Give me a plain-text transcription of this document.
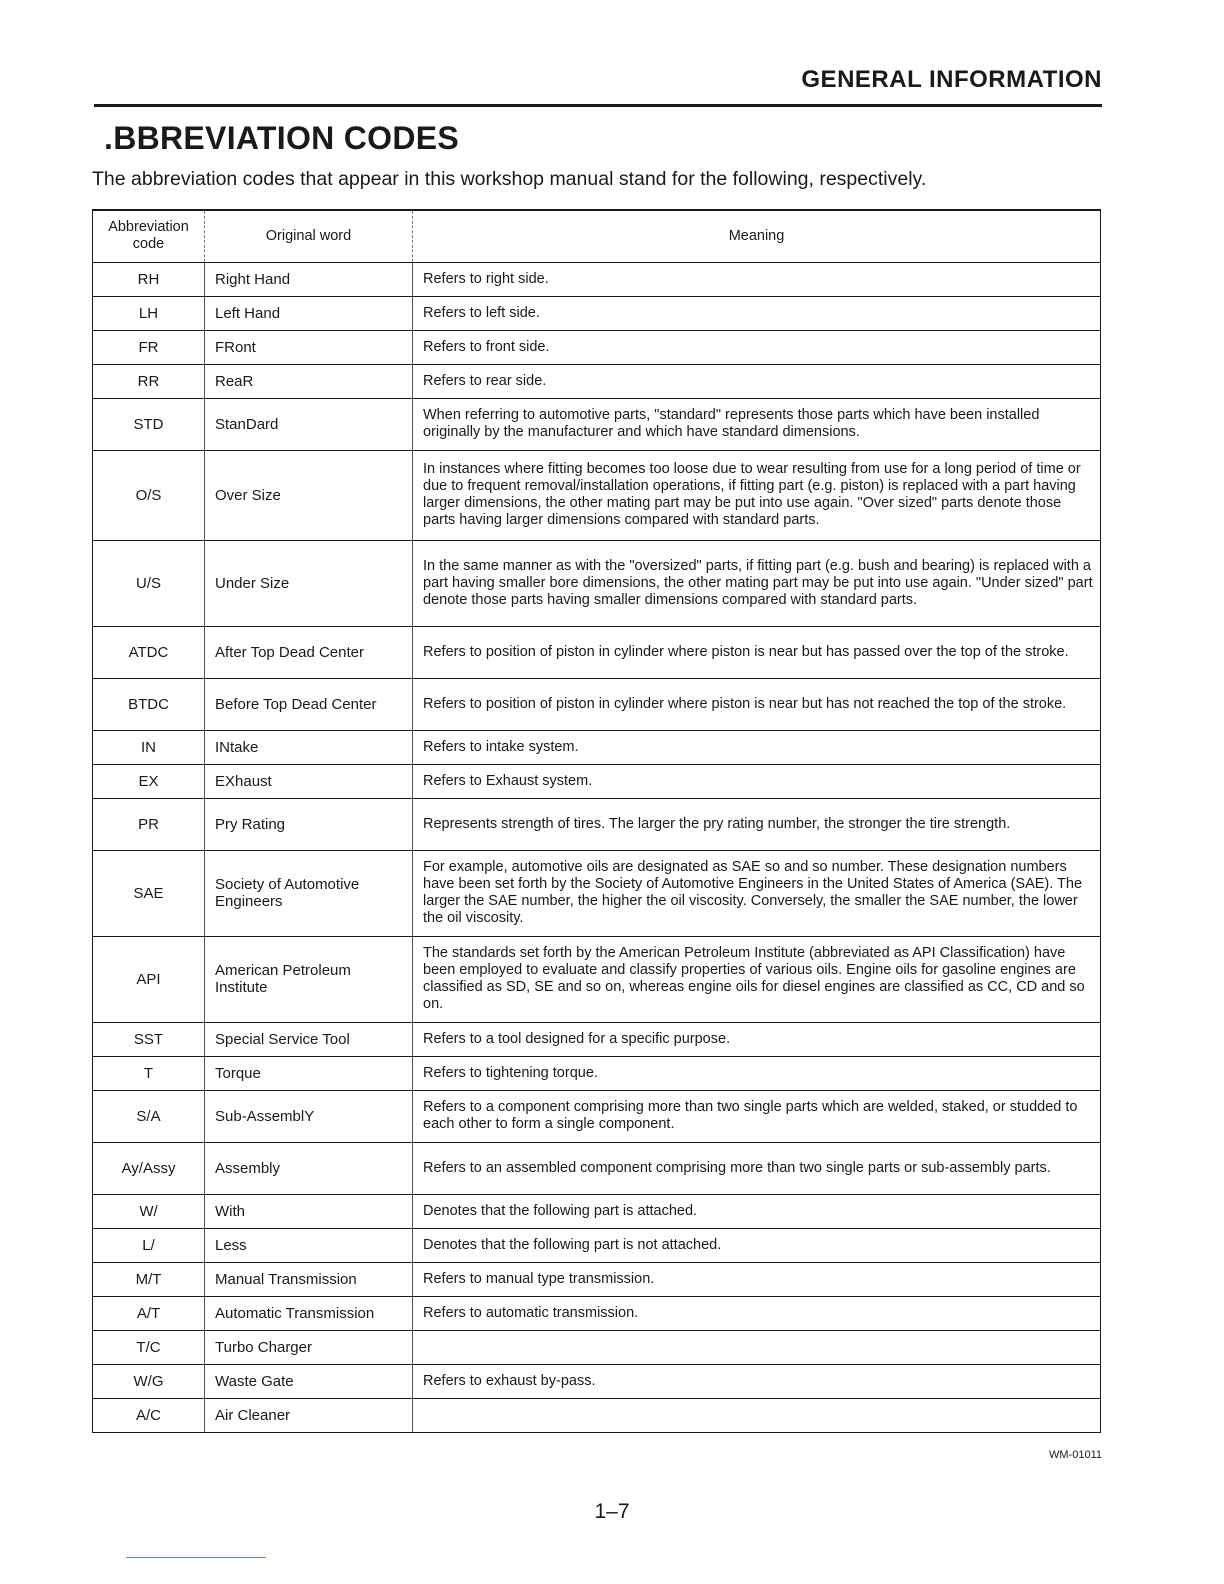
GENERAL INFORMATION
.BBREVIATION CODES
The abbreviation codes that appear in this workshop manual stand for the following, respectively.
Abbreviation
code	Original word	Meaning
RH	Right Hand	Refers to right side.
LH	Left Hand	Refers to left side.
FR	FRont	Refers to front side.
RR	ReaR	Refers to rear side.
STD	StanDard	When referring to automotive parts, "standard" represents those parts which have been installed originally by the manufacturer and which have standard dimensions.
O/S	Over Size	In instances where fitting becomes too loose due to wear resulting from use for a long period of time or due to frequent removal/installation operations, if fitting part (e.g. piston) is replaced with a part having larger dimensions, the other mating part may be put into use again. "Over sized" parts denote those parts having larger dimensions compared with standard parts.
U/S	Under Size	In the same manner as with the "oversized" parts, if fitting part (e.g. bush and bearing) is replaced with a part having smaller bore dimensions, the other mating part may be put into use again. "Under sized" part denote those parts having smaller dimensions compared with standard parts.
ATDC	After Top Dead Center	Refers to position of piston in cylinder where piston is near but has passed over the top of the stroke.
BTDC	Before Top Dead Center	Refers to position of piston in cylinder where piston is near but has not reached the top of the stroke.
IN	INtake	Refers to intake system.
EX	EXhaust	Refers to Exhaust system.
PR	Pry Rating	Represents strength of tires. The larger the pry rating number, the stronger the tire strength.
SAE	Society of Automotive Engineers	For example, automotive oils are designated as SAE so and so number. These designation numbers have been set forth by the Society of Automotive Engineers in the United States of America (SAE). The larger the SAE number, the higher the oil viscosity. Conversely, the smaller the SAE number, the lower the oil viscosity.
API	American Petroleum Institute	The standards set forth by the American Petroleum Institute (abbreviated as API Classification) have been employed to evaluate and classify properties of various oils. Engine oils for gasoline engines are classified as SD, SE and so on, whereas engine oils for diesel engines are classified as CC, CD and so on.
SST	Special Service Tool	Refers to a tool designed for a specific purpose.
T	Torque	Refers to tightening torque.
S/A	Sub-AssemblY	Refers to a component comprising more than two single parts which are welded, staked, or studded to each other to form a single component.
Ay/Assy	Assembly	Refers to an assembled component comprising more than two single parts or sub-assembly parts.
W/	With	Denotes that the following part is attached.
L/	Less	Denotes that the following part is not attached.
M/T	Manual Transmission	Refers to manual type transmission.
A/T	Automatic Transmission	Refers to automatic transmission.
T/C	Turbo Charger	
W/G	Waste Gate	Refers to exhaust by-pass.
A/C	Air Cleaner	
WM-01011
1–7
